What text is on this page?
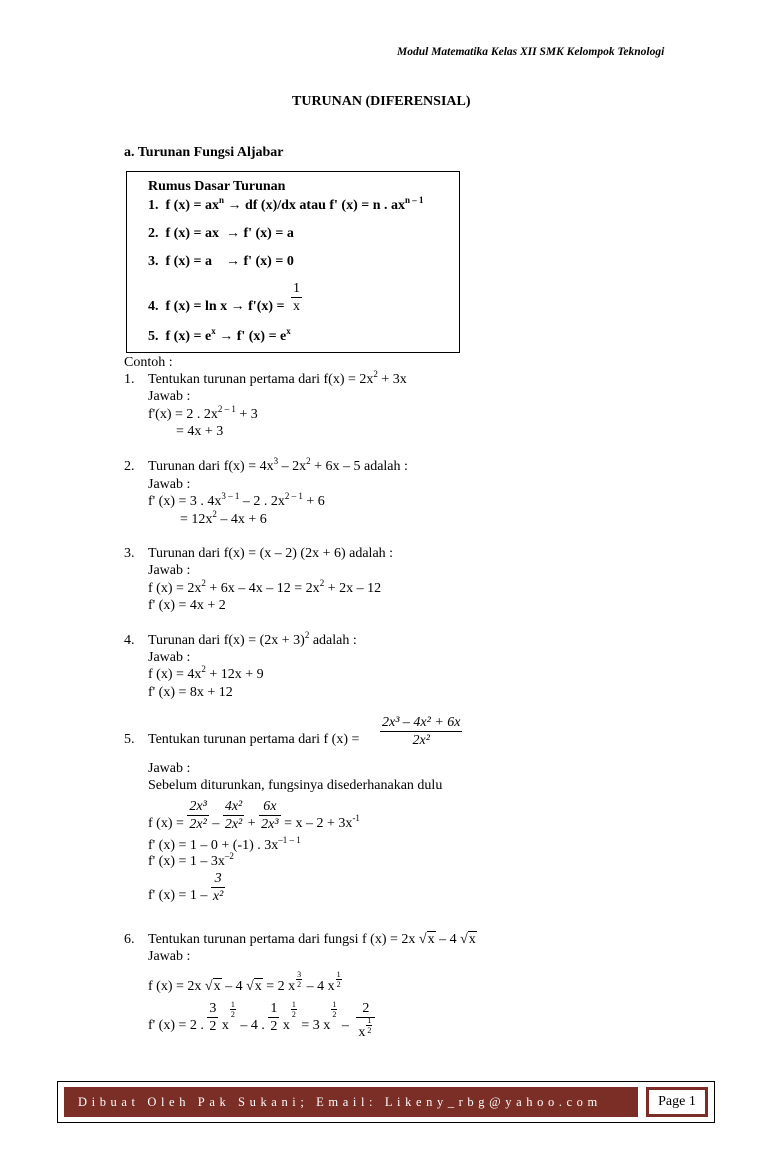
Modul Matematika Kelas XII SMK Kelompok Teknologi
TURUNAN (DIFERENSIAL)
a. Turunan Fungsi Aljabar
Rumus Dasar Turunan
1. f $(x) = ax^n$ → df (x)/dx atau f' (x) = n . $ax^{n - 1}$
2. f (x) = ax → f' (x) = a
3. f (x) = a → f' (x) = 0
4. f $(x) = \ln x \to f'(x) = \frac{1}{x}$
5. f $(x) = e^x \to f'$ $(x) = e^x$
Contoh :
1. Tentukan turunan pertama dari $f(x) = 2x^2 + 3x$
Jawab :
f'(x) = 2 . $2x^{2 - 1} + 3$
= 4x + 3
2. Turunan dari $f(x) = 4x^3 - 2x^2 + 6x - 5$ adalah :
Jawab :
f' (x) = 3 . $4x^{3 - 1} - 2$ . $2x^{2 - 1} + 6$
= $12x^2 - 4x + 6$
3. Turunan dari f(x) = (x – 2) (2x + 6) adalah :
Jawab :
f $(x) = 2x^2 + 6x - 4x - 12 = 2x^2 + 2x - 12$
f' (x) = 4x + 2
4. Turunan dari $f(x) = (2x + 3)^2$ adalah :
Jawab :
f $(x) = 4x^2 + 12x + 9$
f' (x) = 8x + 12
5. Tentukan turunan pertama dari f $(x) = \frac{\text{2x³ – 4x² + 6x}}{\text{2x²}}$
Jawab :
Sebelum diturunkan, fungsinya disederhanakan dulu
f $(x) = \frac{\text{2x³}}{\text{2x²}} - \frac{\text{4x²}}{\text{2x²}} + \frac{6x}{\text{2x³}} = x - 2 + 3x^{-1}$
f' (x) = 1 – 0 + (-1) . $3x^{-1 - 1}$
f' $(x) = 1 - 3x^{-2}$
f' $(x) = 1 - \frac{3}{\text{x²}}$
6. Tentukan turunan pertama dari fungsi f (x) = 2x √x – 4 √x
Jawab :
f (x) = 2x √x – 4 √x = 2 x $\frac{3}{2} - 4$ x $\frac{1}{2}$
f' (x) = 2 . $\frac{3}{2}$ x
$\frac{1}{2}$
– 4 . $\frac{1}{2}$ x
$\frac{1}{2}$
= 3 x
$\frac{1}{2}$
– $\frac{2}{x \frac{1}{2}}$
Dibuat Oleh Pak Sukani; Email: Likeny_rbg@yahoo.com	Page 1
